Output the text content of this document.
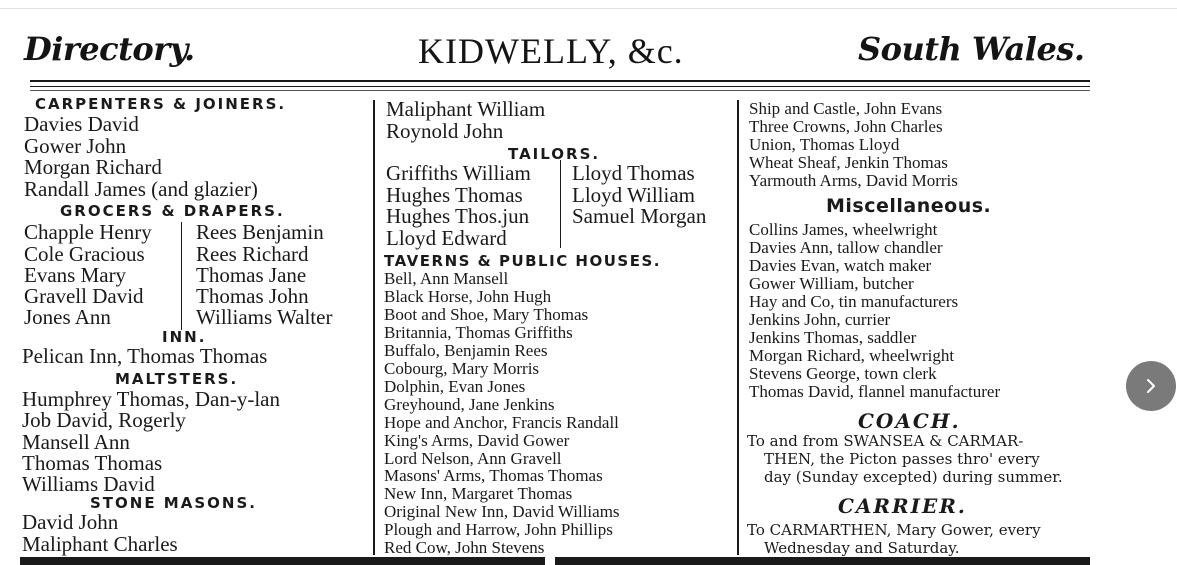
Directory.	KIDWELLY, &c.	South Wales.
CARPENTERS & JOINERS.
Davies David
Gower John
Morgan Richard
Randall James (and glazier)
GROCERS & DRAPERS.
Chapple Henry
Cole Gracious
Evans Mary
Gravell David
Jones Ann
Rees Benjamin
Rees Richard
Thomas Jane
Thomas John
Williams Walter
INN.
Pelican Inn, Thomas Thomas
MALTSTERS.
Humphrey Thomas, Dan-y-lan
Job David, Rogerly
Mansell Ann
Thomas Thomas
Williams David
STONE MASONS.
David John
Maliphant Charles
Maliphant William
Roynold John
TAILORS.
Griffiths William
Hughes Thomas
Hughes Thos.jun
Lloyd Edward
Lloyd Thomas
Lloyd William
Samuel Morgan
TAVERNS & PUBLIC HOUSES.
Bell, Ann Mansell
Black Horse, John Hugh
Boot and Shoe, Mary Thomas
Britannia, Thomas Griffiths
Buffalo, Benjamin Rees
Cobourg, Mary Morris
Dolphin, Evan Jones
Greyhound, Jane Jenkins
Hope and Anchor, Francis Randall
King's Arms, David Gower
Lord Nelson, Ann Gravell
Masons' Arms, Thomas Thomas
New Inn, Margaret Thomas
Original New Inn, David Williams
Plough and Harrow, John Phillips
Red Cow, John Stevens
Ship and Castle, John Evans
Three Crowns, John Charles
Union, Thomas Lloyd
Wheat Sheaf, Jenkin Thomas
Yarmouth Arms, David Morris
Miscellaneous.
Collins James, wheelwright
Davies Ann, tallow chandler
Davies Evan, watch maker
Gower William, butcher
Hay and Co, tin manufacturers
Jenkins John, currier
Jenkins Thomas, saddler
Morgan Richard, wheelwright
Stevens George, town clerk
Thomas David, flannel manufacturer
COACH.
To and from SWANSEA & CARMAR-
THEN, the Picton passes thro' every
day (Sunday excepted) during summer.
CARRIER.
To CARMARTHEN, Mary Gower, every
Wednesday and Saturday.
